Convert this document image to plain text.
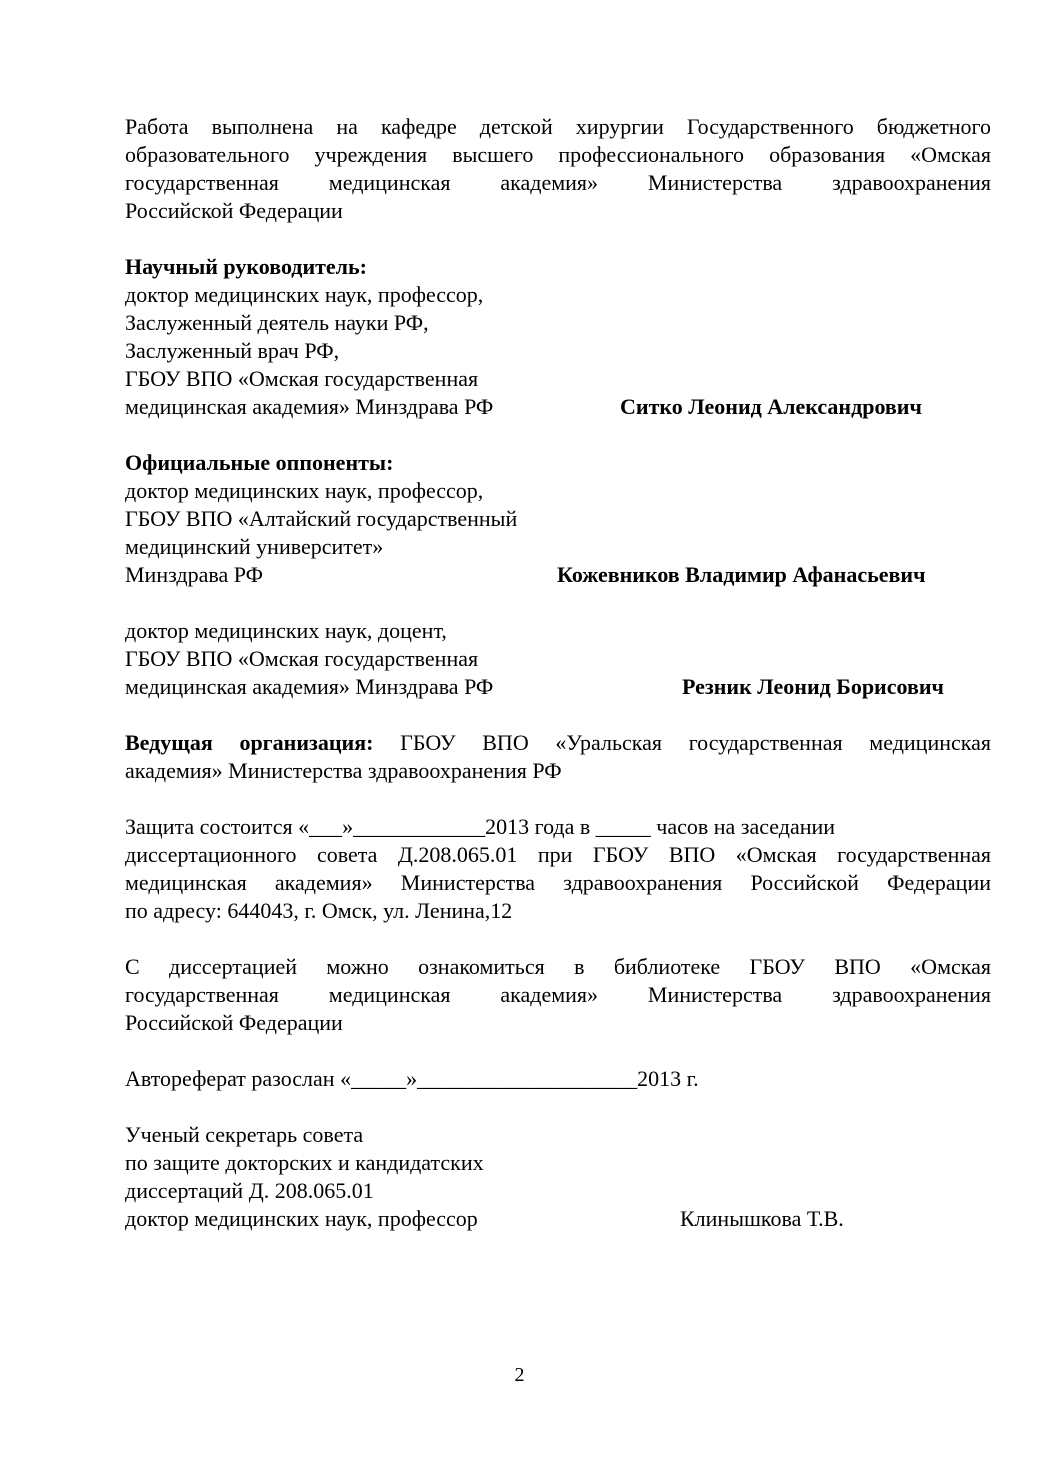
Работа выполнена на кафедре детской хирургии Государственного бюджетного
образовательного учреждения высшего профессионального образования «Омская
государственная медицинская академия» Министерства здравоохранения
Российской Федерации
Научный руководитель:
доктор медицинских наук, профессор,
Заслуженный деятель науки РФ,
Заслуженный врач РФ,
ГБОУ ВПО «Омская государственная
медицинская академия» Минздрава РФ	Ситко Леонид Александрович
Официальные оппоненты:
доктор медицинских наук, профессор,
ГБОУ ВПО «Алтайский государственный
медицинский университет»
Минздрава РФ	Кожевников Владимир Афанасьевич
доктор медицинских наук, доцент,
ГБОУ ВПО «Омская государственная
медицинская академия» Минздрава РФ	Резник Леонид Борисович
Ведущая организация: ГБОУ ВПО «Уральская государственная медицинская
академия» Министерства здравоохранения РФ
Защита состоится «___»____________2013 года в _____ часов на заседании
диссертационного совета Д.208.065.01 при ГБОУ ВПО «Омская государственная
медицинская академия» Министерства здравоохранения Российской Федерации
по адресу: 644043, г. Омск, ул. Ленина,12
С диссертацией можно ознакомиться в библиотеке ГБОУ ВПО «Омская
государственная медицинская академия» Министерства здравоохранения
Российской Федерации
Автореферат разослан «_____»____________________2013 г.
Ученый секретарь совета
по защите докторских и кандидатских
диссертаций Д. 208.065.01
доктор медицинских наук, профессор	Клинышкова Т.В.
2
